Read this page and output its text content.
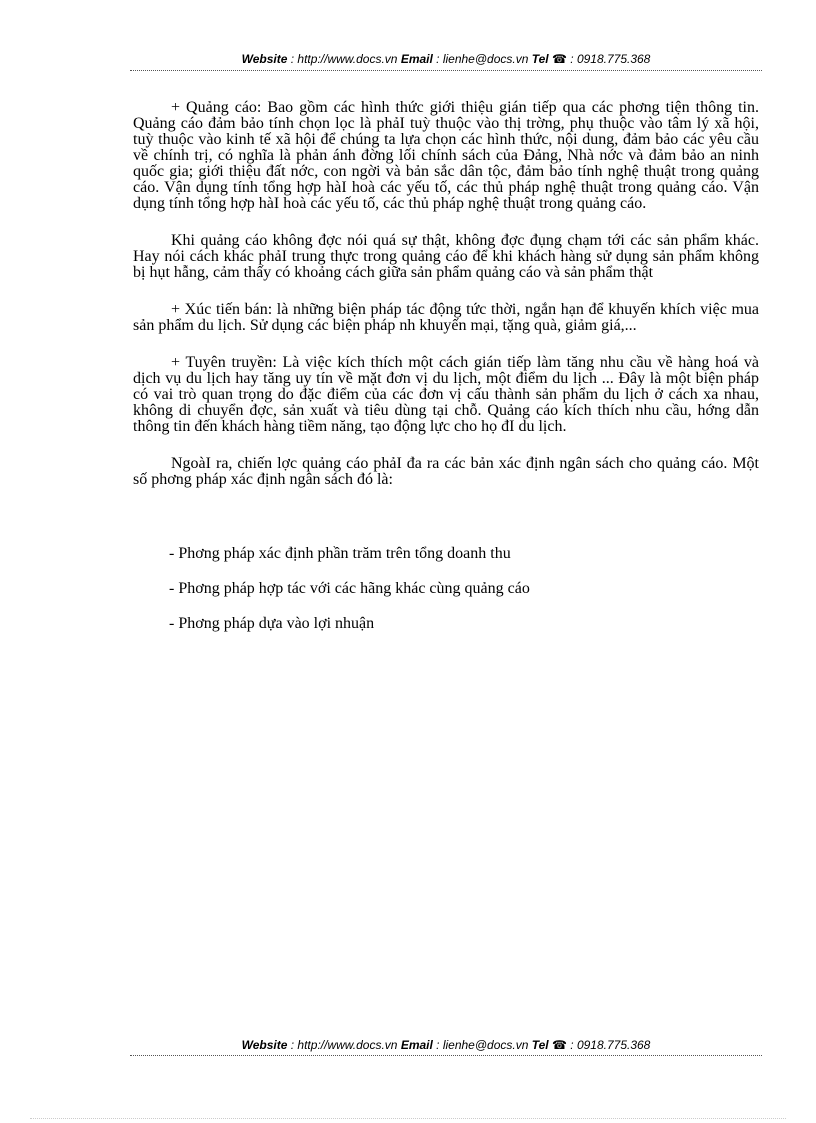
Website : http://www.docs.vn Email : lienhe@docs.vn Tel ☎ : 0918.775.368

+ Quảng cáo: Bao gồm các hình thức giới thiệu gián tiếp qua các phơng tiện thông tin. Quảng cáo đảm bảo tính chọn lọc là phảI tuỳ thuộc vào thị trờng, phụ thuộc vào tâm lý xã hội, tuỳ thuộc vào kinh tế xã hội để chúng ta lựa chọn các hình thức, nội dung, đảm bảo các yêu cầu về chính trị, có nghĩa là phản ánh đờng lối chính sách của Đảng, Nhà nớc và đảm bảo an ninh quốc gia; giới thiệu đất nớc, con ngời và bản sắc dân tộc, đảm bảo tính nghệ thuật trong quảng cáo. Vận dụng tính tổng hợp hàI hoà các yếu tố, các thủ pháp nghệ thuật trong quảng cáo. Vận dụng tính tổng hợp hàI hoà các yếu tố, các thủ pháp nghệ thuật trong quảng cáo.

Khi quảng cáo không đợc nói quá sự thật, không đợc đụng chạm tới các sản phẩm khác. Hay nói cách khác phảI trung thực trong quảng cáo để khi khách hàng sử dụng sản phẩm không bị hụt hẫng, cảm thấy có khoảng cách giữa sản phẩm quảng cáo và sản phẩm thật

+ Xúc tiến bán: là những biện pháp tác động tức thời, ngắn hạn để khuyến khích việc mua sản phẩm du lịch. Sử dụng các biện pháp nh khuyến mại, tặng quà, giảm giá,...

+ Tuyên truyền: Là việc kích thích một cách gián tiếp làm tăng nhu cầu về hàng hoá và dịch vụ du lịch hay tăng uy tín về mặt đơn vị du lịch, một điểm du lịch ... Đây là một biện pháp có vai trò quan trọng do đặc điểm của các đơn vị cấu thành sản phẩm du lịch ở cách xa nhau, không di chuyển đợc, sản xuất và tiêu dùng tại chỗ. Quảng cáo kích thích nhu cầu, hớng dẫn thông tin đến khách hàng tiềm năng, tạo động lực cho họ đI du lịch.

NgoàI ra, chiến lợc quảng cáo phảI đa ra các bản xác định ngân sách cho quảng cáo. Một số phơng pháp xác định ngân sách đó là:

- Phơng pháp xác định phần trăm trên tổng doanh thu
- Phơng pháp hợp tác với các hãng khác cùng quảng cáo
- Phơng pháp dựa vào lợi nhuận
Website : http://www.docs.vn Email : lienhe@docs.vn Tel ☎ : 0918.775.368
